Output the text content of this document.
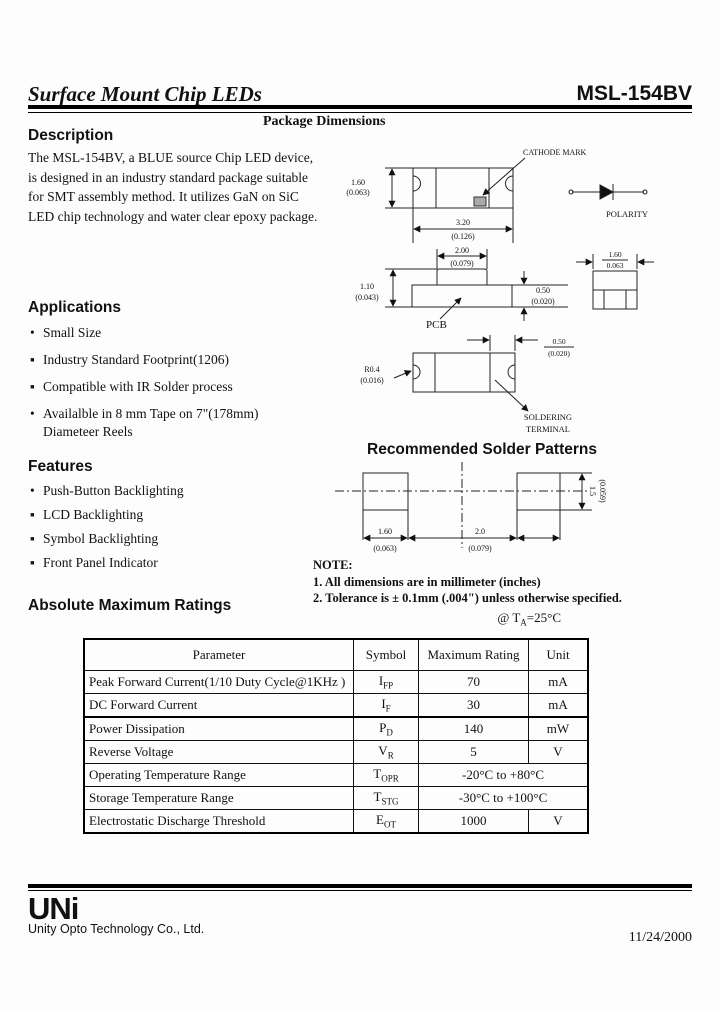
Surface Mount Chip LEDs	MSL-154BV
Description
The MSL-154BV, a BLUE source Chip LED device, is designed in an industry standard package suitable for SMT assembly method. It utilizes GaN on SiC LED chip technology and water clear epoxy package.
Applications
• Small Size
▪ Industry Standard Footprint(1206)
▪ Compatible with IR Solder process
• Availalble in 8 mm Tape on 7"(178mm)
Diameteer Reels
Features
• Push-Button Backlighting
▪ LCD Backlighting
▪ Symbol Backlighting
▪ Front Panel Indicator
Package Dimensions
CATHODE MARK
1.60
(0.063)
3.20
(0.126)
POLARITY
2.00
(0.079)
1.10
(0.043)
0.50
(0.020)
PCB
1.60
0.063
R0.4
(0.016)
0.50
(0.020)
SOLDERING
TERMINAL
Recommended Solder Patterns
1.5 (0.059)
1.60
(0.063)
2.0
(0.079)
NOTE:
1. All dimensions are in millimeter (inches)
2. Tolerance is ± 0.1mm (.004") unless otherwise specified.
Absolute Maximum Ratings
@ $T_A=25^\circ C$
Parameter	Symbol	Maximum Rating	Unit
Peak Forward Current(1/10 Duty Cycle@1KHz )	$I_{FP}$	70	mA
DC Forward Current	$I_F$	30	mA
Power Dissipation	$P_D$	140	mW
Reverse Voltage	$V_R$	5	V
Operating Temperature Range	$T_{OPR}$	-20°C to +80°C	
Storage Temperature Range	$T_{STG}$	-30°C to +100°C	
Electrostatic Discharge Threshold	$E_{OT}$	1000	V
UNi
Unity Opto Technology Co., Ltd.
11/24/2000
